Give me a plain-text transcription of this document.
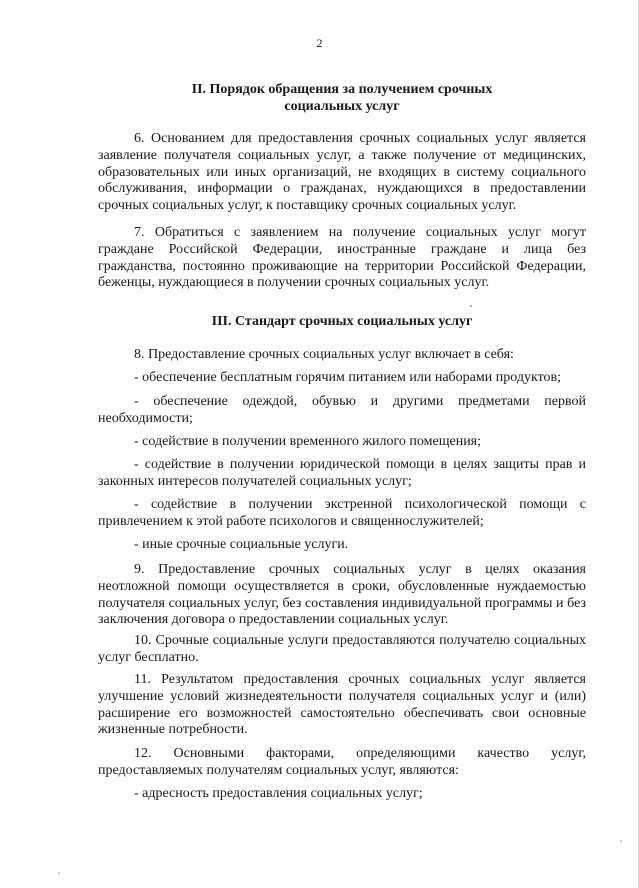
2
II. Порядок обращения за получением срочных
социальных услуг

6. Основанием для предоставления срочных социальных услуг является заявление получателя социальных услуг, а также получение от медицинских, образовательных или иных организаций, не входящих в систему социального обслуживания, информации о гражданах, нуждающихся в предоставлении срочных социальных услуг, к поставщику срочных социальных услуг.

7. Обратиться с заявлением на получение социальных услуг могут граждане Российской Федерации, иностранные граждане и лица без гражданства, постоянно проживающие на территории Российской Федерации, беженцы, нуждающиеся в получении срочных социальных услуг.

III. Стандарт срочных социальных услуг

8. Предоставление срочных социальных услуг включает в себя:

- обеспечение бесплатным горячим питанием или наборами продуктов;

- обеспечение одеждой, обувью и другими предметами первой необходимости;

- содействие в получении временного жилого помещения;

- содействие в получении юридической помощи в целях защиты прав и законных интересов получателей социальных услуг;

- содействие в получении экстренной психологической помощи с привлечением к этой работе психологов и священнослужителей;

- иные срочные социальные услуги.

9. Предоставление срочных социальных услуг в целях оказания неотложной помощи осуществляется в сроки, обусловленные нуждаемостью получателя социальных услуг, без составления индивидуальной программы и без заключения договора о предоставлении социальных услуг.

10. Срочные социальные услуги предоставляются получателю социальных услуг бесплатно.

11. Результатом предоставления срочных социальных услуг является улучшение условий жизнедеятельности получателя социальных услуг и (или) расширение его возможностей самостоятельно обеспечивать свои основные жизненные потребности.

12. Основными факторами, определяющими качество услуг, предоставляемых получателям социальных услуг, являются:

- адресность предоставления социальных услуг;
